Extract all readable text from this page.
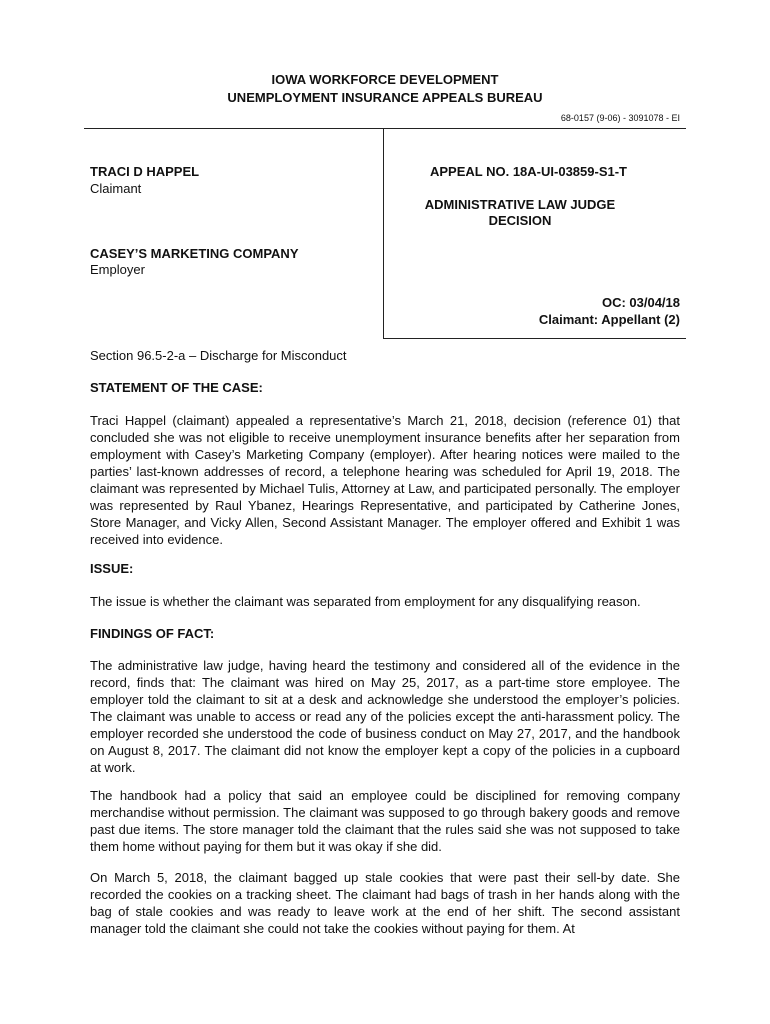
IOWA WORKFORCE DEVELOPMENT
UNEMPLOYMENT INSURANCE APPEALS BUREAU
68-0157 (9-06) - 3091078 - EI
TRACI D HAPPEL
Claimant
CASEY’S MARKETING COMPANY
Employer
APPEAL NO. 18A-UI-03859-S1-T
ADMINISTRATIVE LAW JUDGE
DECISION
OC: 03/04/18
Claimant: Appellant (2)
Section 96.5-2-a – Discharge for Misconduct
STATEMENT OF THE CASE:

Traci Happel (claimant) appealed a representative’s March 21, 2018, decision (reference 01) that concluded she was not eligible to receive unemployment insurance benefits after her separation from employment with Casey’s Marketing Company (employer). After hearing notices were mailed to the parties’ last-known addresses of record, a telephone hearing was scheduled for April 19, 2018. The claimant was represented by Michael Tulis, Attorney at Law, and participated personally. The employer was represented by Raul Ybanez, Hearings Representative, and participated by Catherine Jones, Store Manager, and Vicky Allen, Second Assistant Manager. The employer offered and Exhibit 1 was received into evidence.

ISSUE:

The issue is whether the claimant was separated from employment for any disqualifying reason.

FINDINGS OF FACT:

The administrative law judge, having heard the testimony and considered all of the evidence in the record, finds that: The claimant was hired on May 25, 2017, as a part-time store employee. The employer told the claimant to sit at a desk and acknowledge she understood the employer’s policies. The claimant was unable to access or read any of the policies except the anti-harassment policy. The employer recorded she understood the code of business conduct on May 27, 2017, and the handbook on August 8, 2017. The claimant did not know the employer kept a copy of the policies in a cupboard at work.

The handbook had a policy that said an employee could be disciplined for removing company merchandise without permission. The claimant was supposed to go through bakery goods and remove past due items. The store manager told the claimant that the rules said she was not supposed to take them home without paying for them but it was okay if she did.

On March 5, 2018, the claimant bagged up stale cookies that were past their sell-by date. She recorded the cookies on a tracking sheet. The claimant had bags of trash in her hands along with the bag of stale cookies and was ready to leave work at the end of her shift. The second assistant manager told the claimant she could not take the cookies without paying for them. At
